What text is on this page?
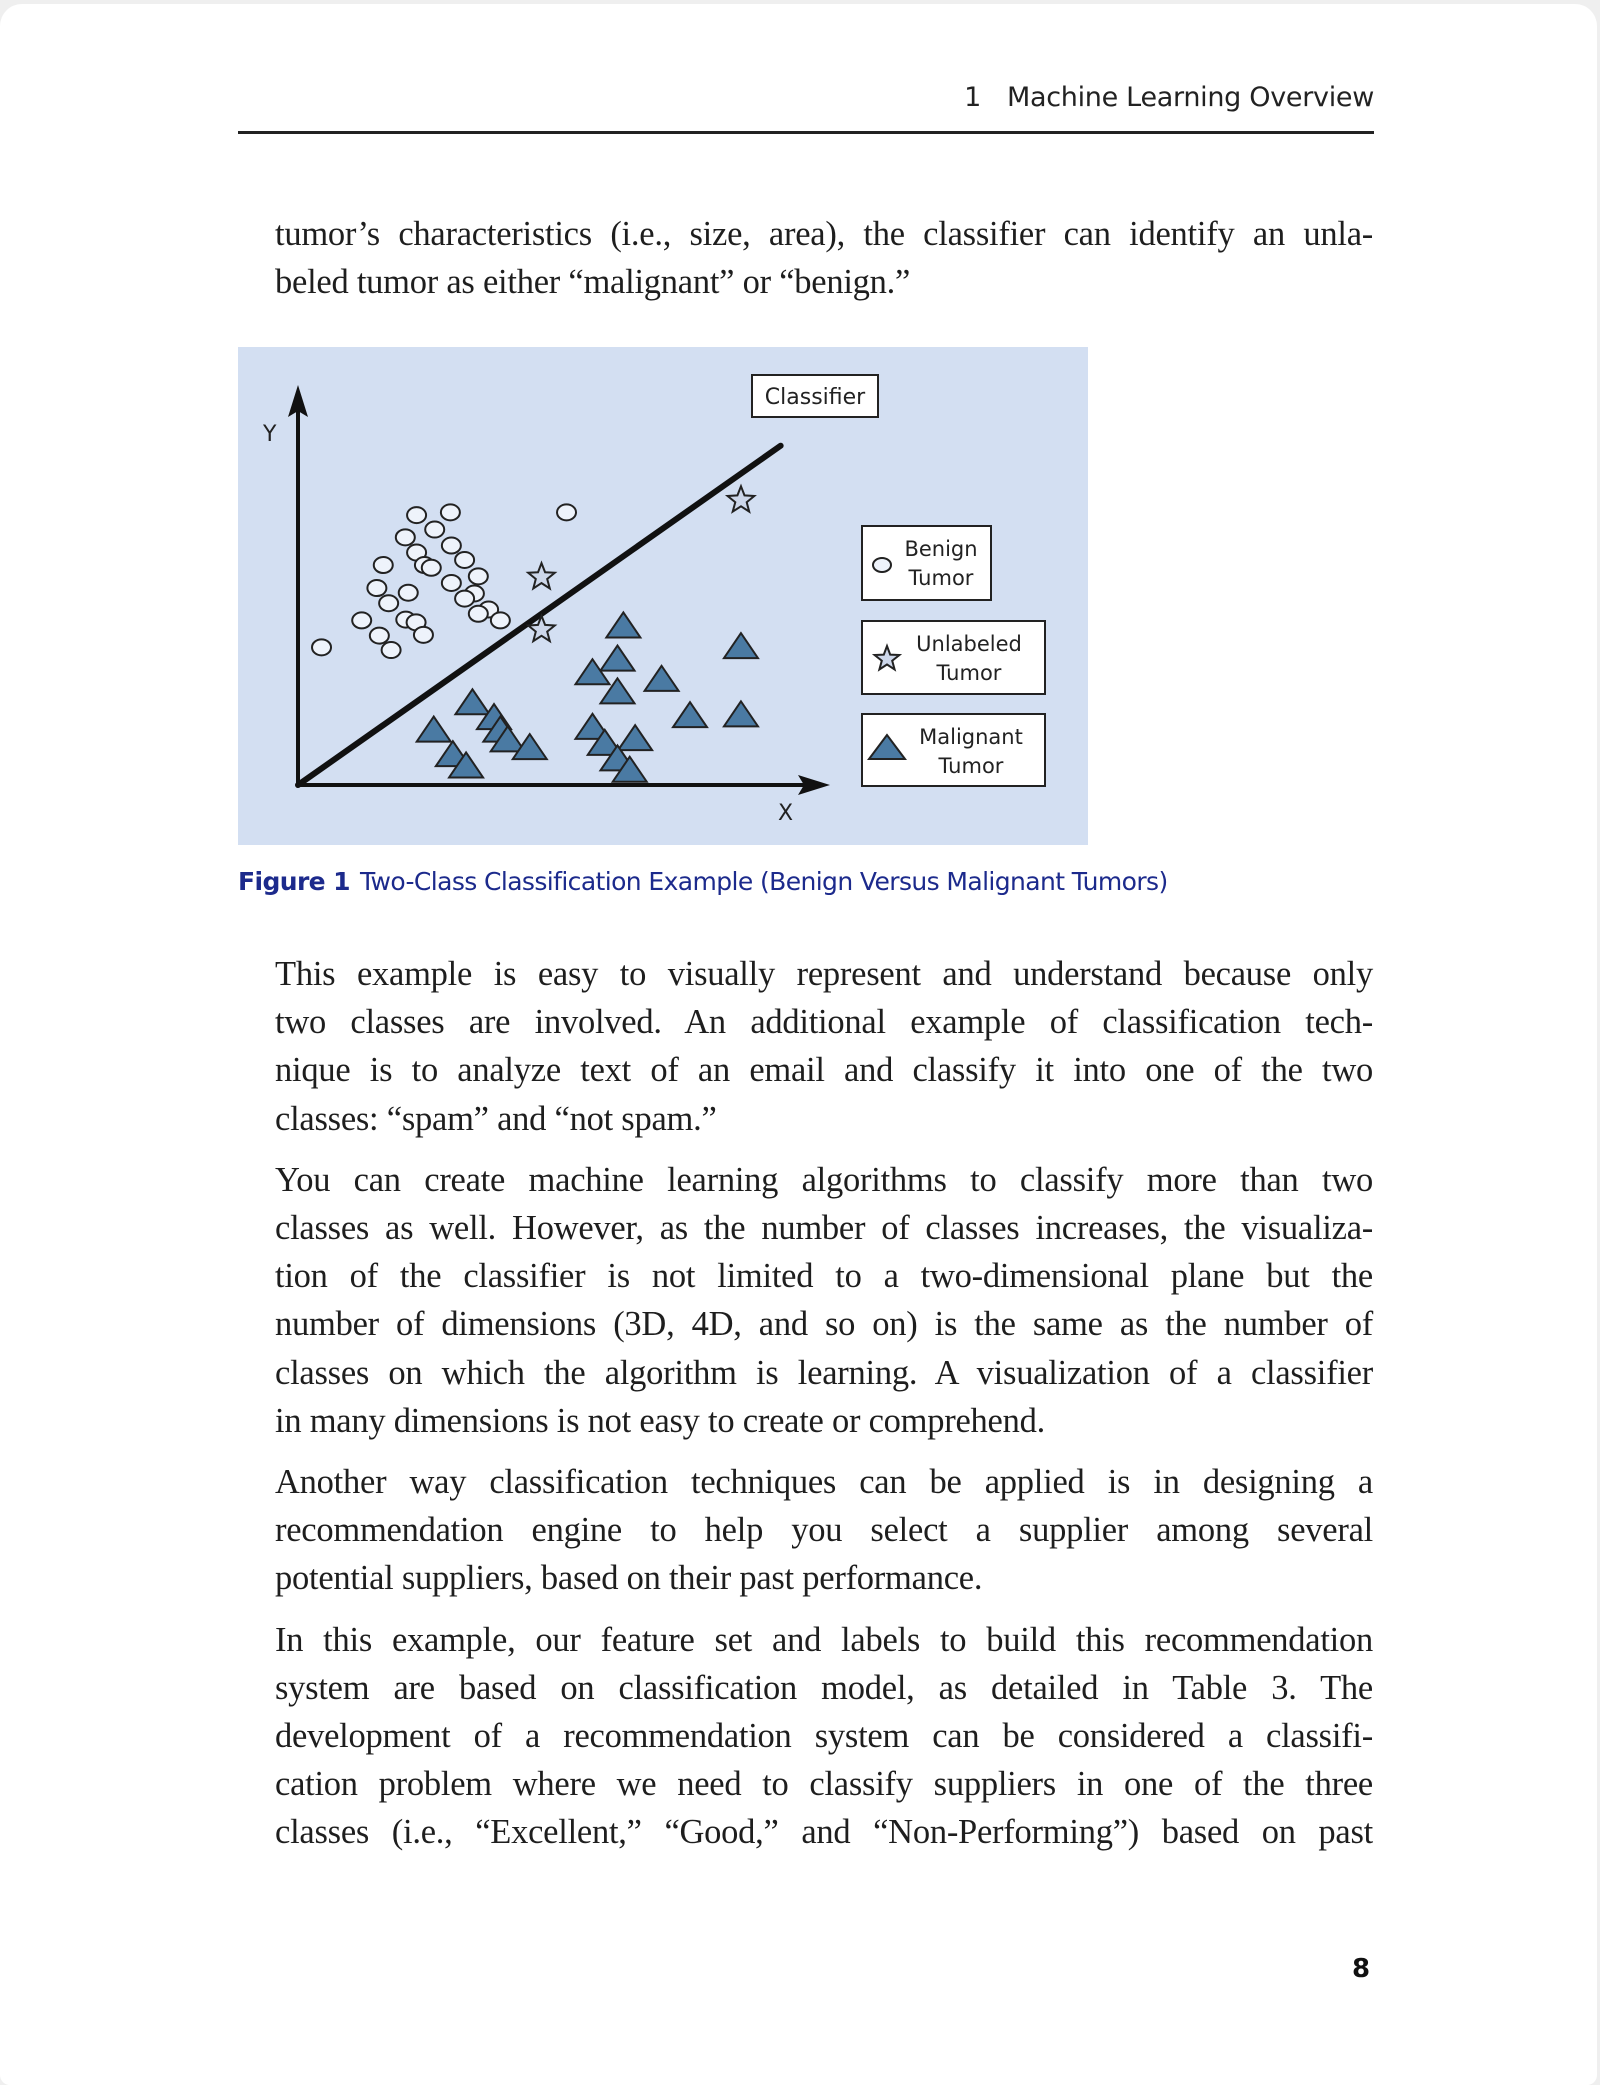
1 Machine Learning Overview
tumor’s characteristics (i.e., size, area), the classifier can identify an unla-
beled tumor as either “malignant” or “benign.”
Y
X
Classifier
Benign
Tumor
Unlabeled
Tumor
Malignant
Tumor
Figure 1 Two-Class Classification Example (Benign Versus Malignant Tumors)

This example is easy to visually represent and understand because only
two classes are involved. An additional example of classification tech-
nique is to analyze text of an email and classify it into one of the two
classes: “spam” and “not spam.”

You can create machine learning algorithms to classify more than two
classes as well. However, as the number of classes increases, the visualiza-
tion of the classifier is not limited to a two-dimensional plane but the
number of dimensions (3D, 4D, and so on) is the same as the number of
classes on which the algorithm is learning. A visualization of a classifier
in many dimensions is not easy to create or comprehend.

Another way classification techniques can be applied is in designing a
recommendation engine to help you select a supplier among several
potential suppliers, based on their past performance.

In this example, our feature set and labels to build this recommendation
system are based on classification model, as detailed in Table 3. The
development of a recommendation system can be considered a classifi-
cation problem where we need to classify suppliers in one of the three
classes (i.e., “Excellent,” “Good,” and “Non-Performing”) based on past

8
